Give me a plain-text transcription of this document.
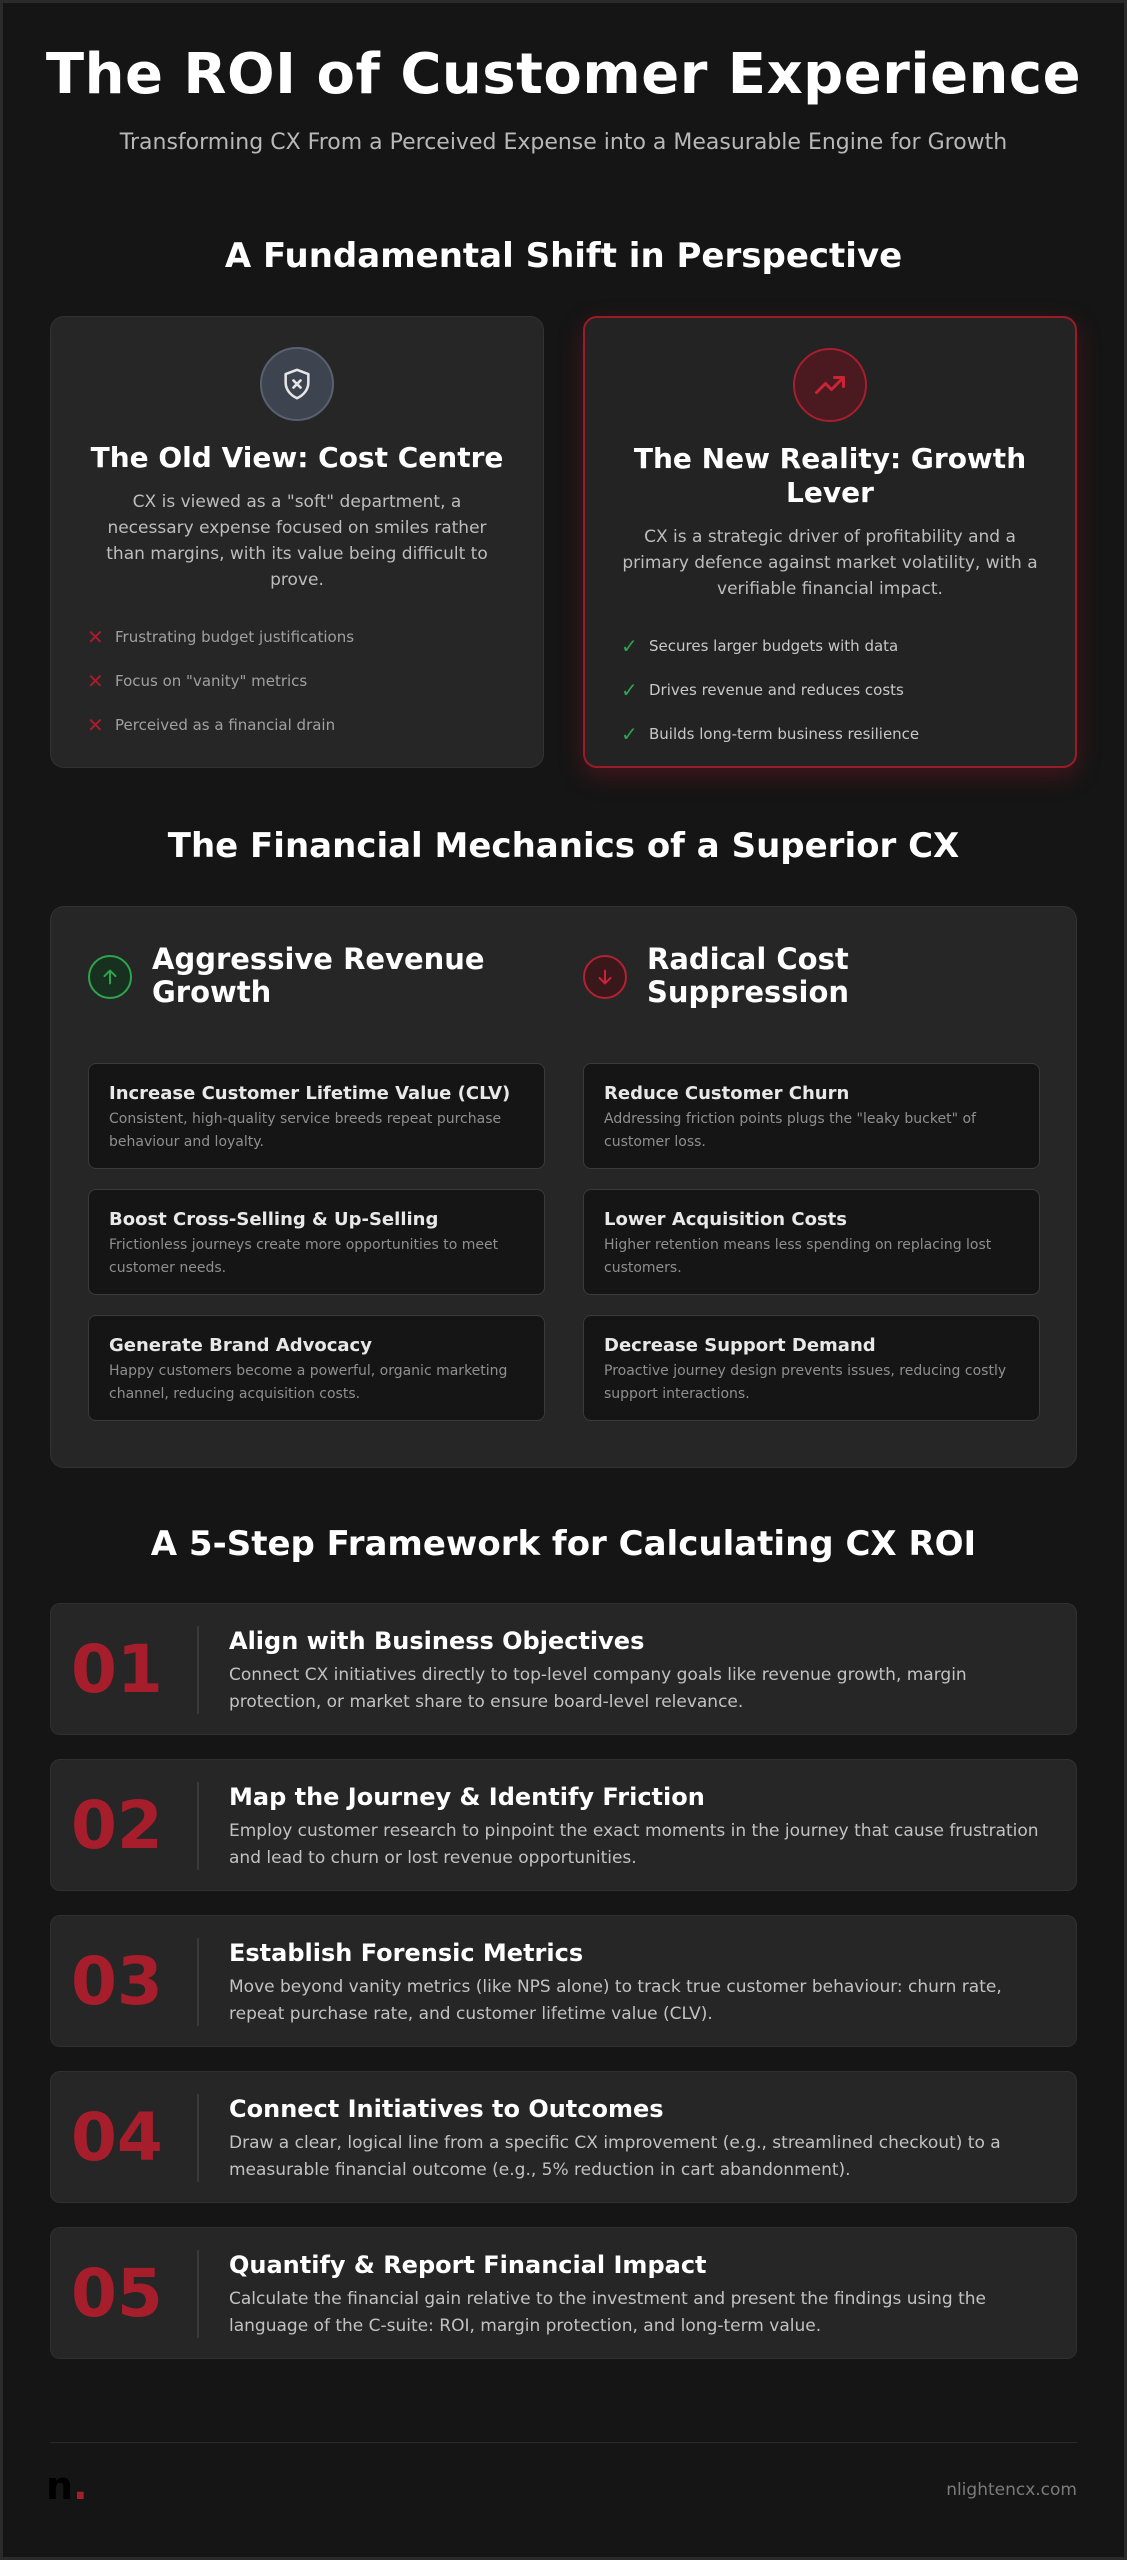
The ROI of Customer Experience

Transforming CX From a Perceived Expense into a Measurable Engine for Growth

A Fundamental Shift in Perspective
The Old View: Cost Centre
CX is viewed as a "soft" department, a necessary expense focused on smiles rather than margins, with its value being difficult to prove.
✕ Frustrating budget justifications
✕ Focus on "vanity" metrics
✕ Perceived as a financial drain
The New Reality: Growth Lever
CX is a strategic driver of profitability and a primary defence against market volatility, with a verifiable financial impact.
✓ Secures larger budgets with data
✓ Drives revenue and reduces costs
✓ Builds long-term business resilience
The Financial Mechanics of a Superior CX
Aggressive Revenue Growth
Increase Customer Lifetime Value (CLV)
Consistent, high-quality service breeds repeat purchase behaviour and loyalty.
Boost Cross-Selling & Up-Selling
Frictionless journeys create more opportunities to meet customer needs.
Generate Brand Advocacy
Happy customers become a powerful, organic marketing channel, reducing acquisition costs.
Radical Cost Suppression
Reduce Customer Churn
Addressing friction points plugs the "leaky bucket" of customer loss.
Lower Acquisition Costs
Higher retention means less spending on replacing lost customers.
Decrease Support Demand
Proactive journey design prevents issues, reducing costly support interactions.
A 5-Step Framework for Calculating CX ROI
01	Align with Business Objectives
Connect CX initiatives directly to top-level company goals like revenue growth, margin protection, or market share to ensure board-level relevance.
02	Map the Journey & Identify Friction
Employ customer research to pinpoint the exact moments in the journey that cause frustration and lead to churn or lost revenue opportunities.
03	Establish Forensic Metrics
Move beyond vanity metrics (like NPS alone) to track true customer behaviour: churn rate, repeat purchase rate, and customer lifetime value (CLV).
04	Connect Initiatives to Outcomes
Draw a clear, logical line from a specific CX improvement (e.g., streamlined checkout) to a measurable financial outcome (e.g., 5% reduction in cart abandonment).
05	Quantify & Report Financial Impact
Calculate the financial gain relative to the investment and present the findings using the language of the C-suite: ROI, margin protection, and long-term value.
n.	nlightencx.com
